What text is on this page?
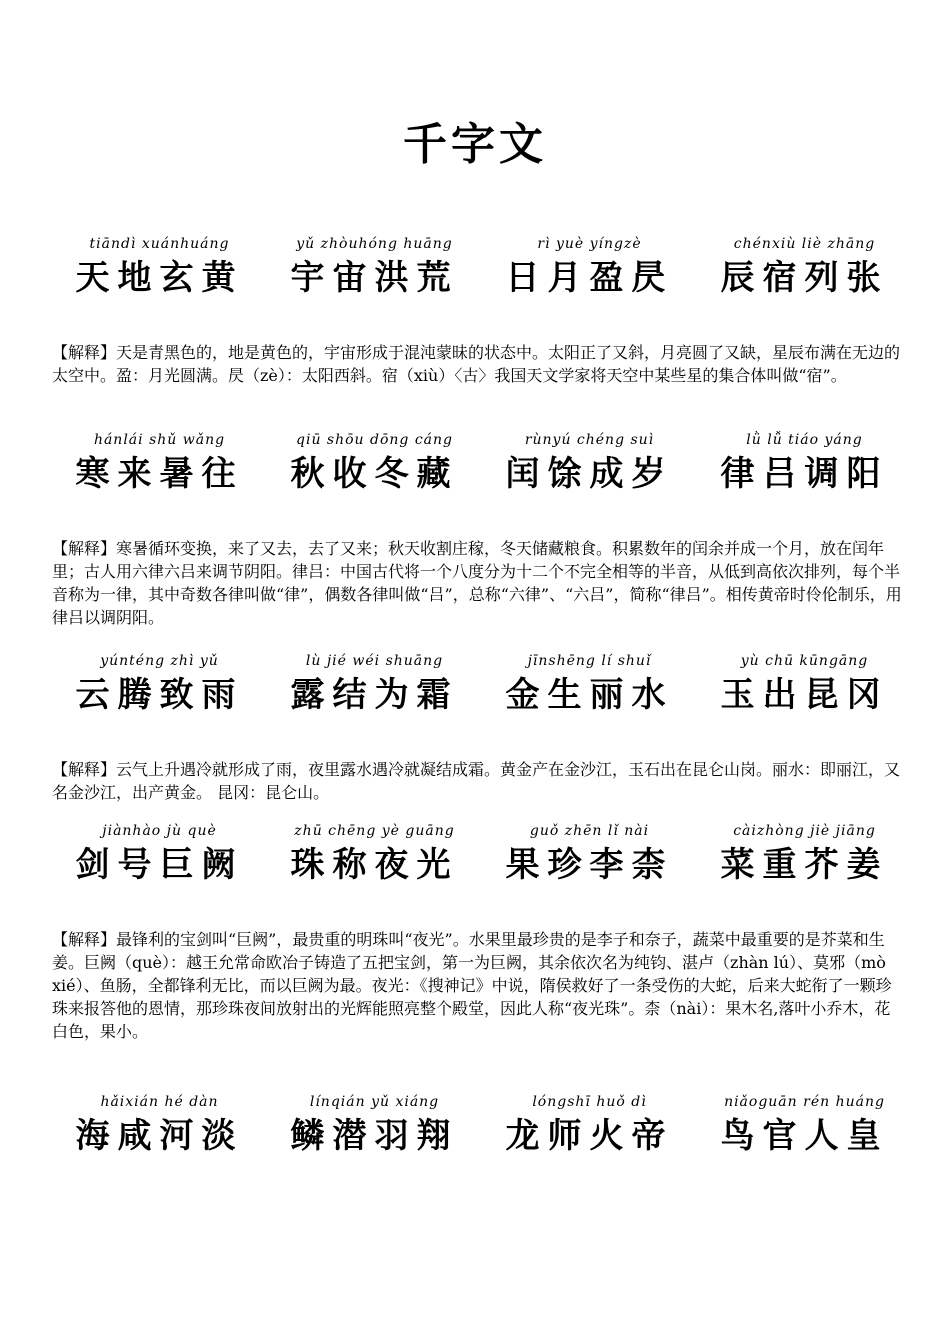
千字文
tiāndì xuánhuáng
天地玄黄
yǔ zhòuhóng huāng
宇宙洪荒
rì yuè yíngzè
日月盈昃
chénxiù liè zhāng
辰宿列张

【解释】天是青黑色的，地是黄色的，宇宙形成于混沌蒙昧的状态中。太阳正了又斜，月亮圆了又缺，星辰布满在无边的太空中。盈：月光圆满。昃（zè）：太阳西斜。宿（xiù）〈古〉我国天文学家将天空中某些星的集合体叫做“宿”。

hánlái shǔ wǎng
寒来暑往
qiū shōu dōng cáng
秋收冬藏
rùnyú chéng suì
闰馀成岁
lǜ lǚ tiáo yáng
律吕调阳

【解释】寒暑循环变换，来了又去，去了又来；秋天收割庄稼，冬天储藏粮食。积累数年的闰余并成一个月，放在闰年里；古人用六律六吕来调节阴阳。律吕：中国古代将一个八度分为十二个不完全相等的半音，从低到高依次排列，每个半音称为一律，其中奇数各律叫做“律”，偶数各律叫做“吕”，总称“六律”、“六吕”，简称“律吕”。相传黄帝时伶伦制乐，用律吕以调阴阳。

yúnténg zhì yǔ
云腾致雨
lù jié wéi shuāng
露结为霜
jīnshēng lí shuǐ
金生丽水
yù chū kūngāng
玉出昆冈

【解释】云气上升遇冷就形成了雨，夜里露水遇冷就凝结成霜。黄金产在金沙江，玉石出在昆仑山岗。丽水：即丽江，又名金沙江，出产黄金。 昆冈：昆仑山。

jiànhào jù què
剑号巨阙
zhū chēng yè guāng
珠称夜光
guǒ zhēn lǐ nài
果珍李柰
càizhòng jiè jiāng
菜重芥姜

【解释】最锋利的宝剑叫“巨阙”，最贵重的明珠叫“夜光”。水果里最珍贵的是李子和奈子，蔬菜中最重要的是芥菜和生姜。巨阙（què）：越王允常命欧冶子铸造了五把宝剑，第一为巨阙，其余依次名为纯钧、湛卢（zhàn lú）、莫邪（mò xié）、鱼肠，全都锋利无比，而以巨阙为最。夜光：《搜神记》中说，隋侯救好了一条受伤的大蛇，后来大蛇衔了一颗珍珠来报答他的恩情，那珍珠夜间放射出的光辉能照亮整个殿堂，因此人称“夜光珠”。柰（nài）：果木名,落叶小乔木，花白色，果小。

hǎixián hé dàn
海咸河淡
línqián yǔ xiáng
鳞潜羽翔
lóngshī huǒ dì
龙师火帝
niǎoguān rén huáng
鸟官人皇
